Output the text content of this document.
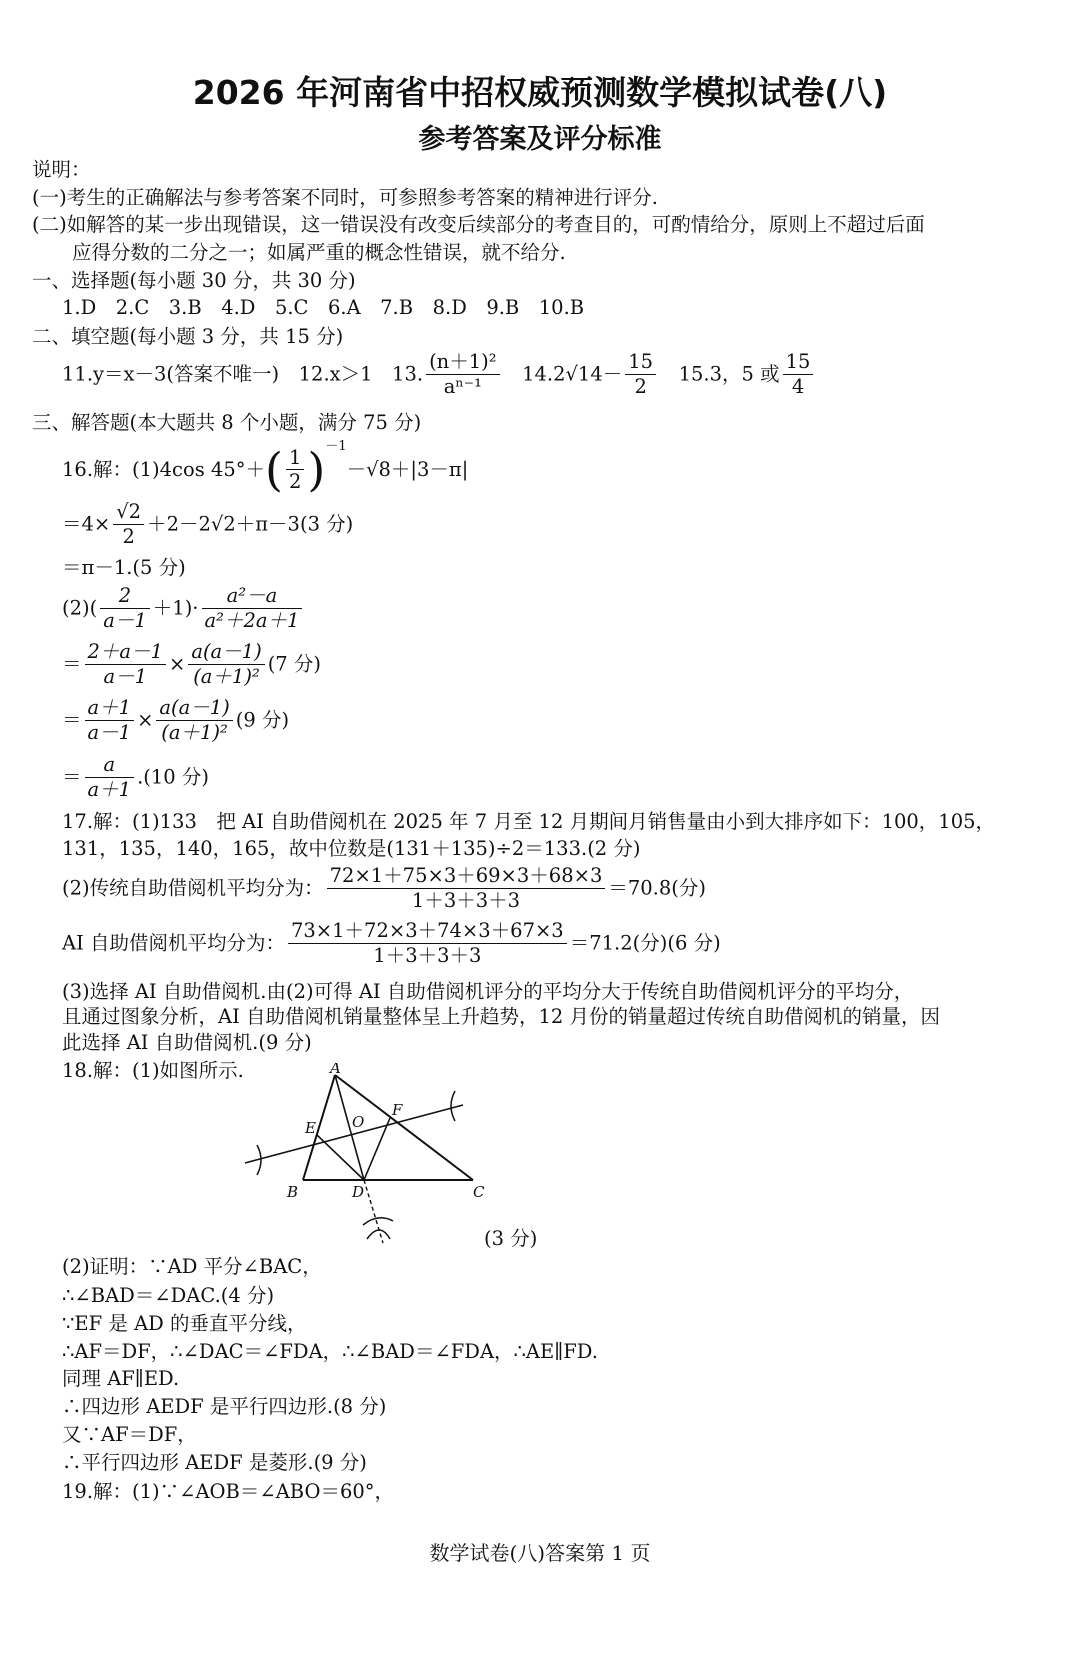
2026 年河南省中招权威预测数学模拟试卷(八)
参考答案及评分标准
说明：
(一)考生的正确解法与参考答案不同时，可参照参考答案的精神进行评分.
(二)如解答的某一步出现错误，这一错误没有改变后续部分的考查目的，可酌情给分，原则上不超过后面
应得分数的二分之一；如属严重的概念性错误，就不给分.
一、选择题(每小题 30 分，共 30 分)
1.D　2.C　3.B　4.D　5.C　6.A　7.B　8.D　9.B　10.B
二、填空题(每小题 3 分，共 15 分)
11.y＝x－3(答案不唯一)　12.x＞1　13. $\frac{\text{(n＋1)²}}{\text{aⁿ⁻¹}}$ 　$14.2√14- \frac{15}{2}$ 　15.3，5 或 $\frac{15}{4}$
三、解答题(本大题共 8 个小题，满分 75 分)
16.解：(1)4cos $45^\circ+( \frac{1}{2} )^{-1}-√8+|3-\pi|$
$=4\times \frac{√2}{2} +2-2√2+\pi-3(3$ 分)
＝π－1.(5 分)
$(2)( \frac{2}{a-1} +1)\cdot \frac{\text{a²－a}}{\text{a²＋2a＋1}}$
＝ $\frac{2+a-1}{a-1} \times \frac{a(a-1)}{\text{(a＋1)²}} (7$ 分)
＝ $\frac{a+1}{a-1} \times \frac{a(a-1)}{\text{(a＋1)²}} (9$ 分)
＝ $\frac{a}{a+1} .(10$ 分)
17.解：(1)133　把 AI 自助借阅机在 2025 年 7 月至 12 月期间月销售量由小到大排序如下：100，105，
131，135，140，165，故中位数是(131＋135)÷2＝133.(2 分)
(2)传统自助借阅机平均分为： $\frac{72\times 1+75\times 3+69\times 3+68\times 3}{1+3+3+3} =70.8$(分)
AI 自助借阅机平均分为： $\frac{73\times 1+72\times 3+74\times 3+67\times 3}{1+3+3+3} =71.2$(分)(6 分)
(3)选择 AI 自助借阅机.由(2)可得 AI 自助借阅机评分的平均分大于传统自助借阅机评分的平均分，
且通过图象分析，AI 自助借阅机销量整体呈上升趋势，12 月份的销量超过传统自助借阅机的销量，因
此选择 AI 自助借阅机.(9 分)
18.解：(1)如图所示.	A
B	C
D
E
F
O
(3 分)
(2)证明：∵AD 平分∠BAC，
∴∠BAD＝∠DAC.(4 分)
∵EF 是 AD 的垂直平分线，
∴AF＝DF，∴∠DAC＝∠FDA，∴∠BAD＝∠FDA，∴AE∥FD.
同理 AF∥ED.
∴四边形 AEDF 是平行四边形.(8 分)
又∵AF＝DF，
∴平行四边形 AEDF 是菱形.(9 分)
19.解：(1)∵∠AOB＝∠ABO＝60°，
数学试卷(八)答案第 1 页
